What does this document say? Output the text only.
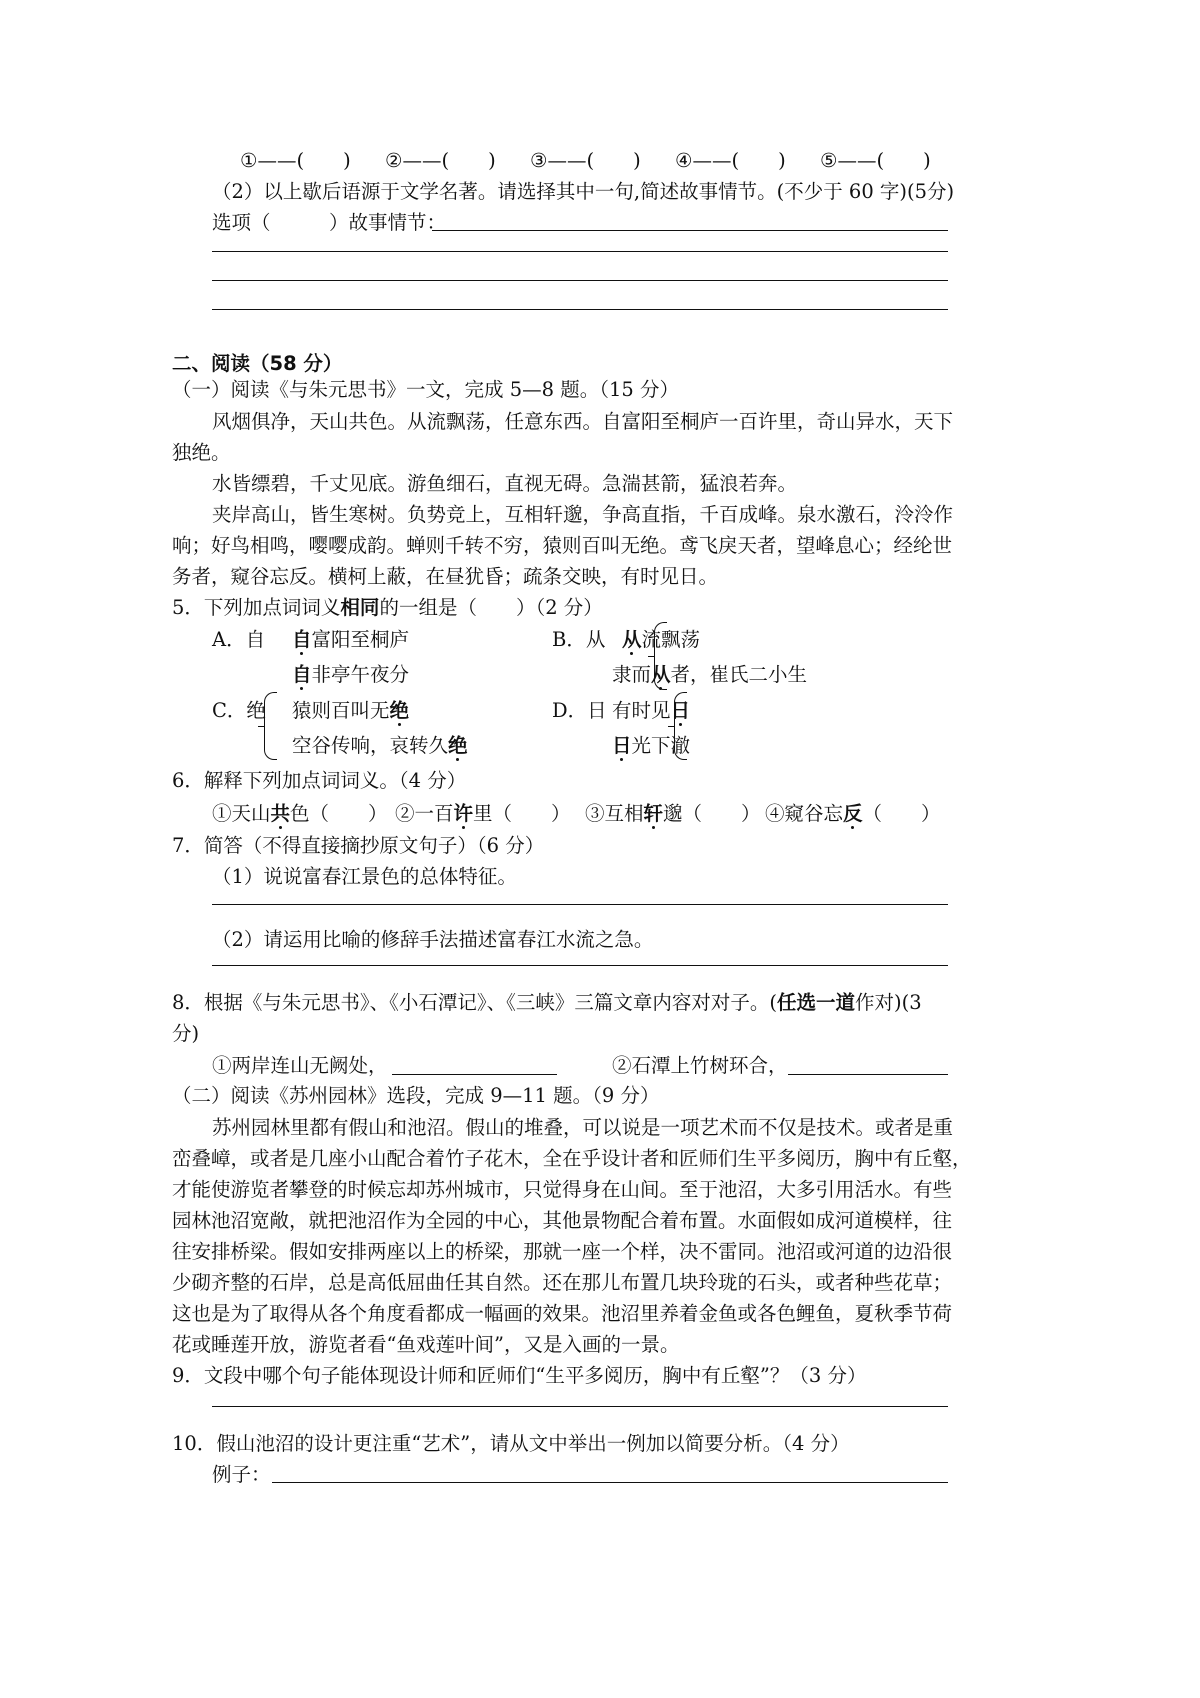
①——(　　) ②——(　　) ③——(　　) ④——(　　) ⑤——(　　)
（2）以上歇后语源于文学名著。请选择其中一句,简述故事情节。(不少于 60 字)(5分)
选项（　　　）故事情节：
二、阅读（58 分）
（一）阅读《与朱元思书》一文，完成 5—8 题。（15 分）
风烟俱净，天山共色。从流飘荡，任意东西。自富阳至桐庐一百许里，奇山异水，天下
独绝。
水皆缥碧，千丈见底。游鱼细石，直视无碍。急湍甚箭，猛浪若奔。
夹岸高山，皆生寒树。负势竞上，互相轩邈，争高直指，千百成峰。泉水激石，泠泠作
响；好鸟相鸣，嘤嘤成韵。蝉则千转不穷，猿则百叫无绝。鸢飞戾天者，望峰息心；经纶世
务者，窥谷忘反。横柯上蔽，在昼犹昏；疏条交映，有时见日。
5．下列加点词词义相同的一组是（　　）（2 分）
A．自 自富阳至桐庐
自非亭午夜分
B．从 从流飘荡
隶而从者，崔氏二小生
C．绝 猿则百叫无绝
空谷传响，哀转久绝
D．日 有时见日
日光下澈
6．解释下列加点词词义。（4 分）
①天山共色（　　） ②一百许里（　　） ③互相轩邈（　　） ④窥谷忘反（　　）
7．简答（不得直接摘抄原文句子）（6 分）
（1）说说富春江景色的总体特征。
（2）请运用比喻的修辞手法描述富春江水流之急。
8．根据《与朱元思书》、《小石潭记》、《三峡》三篇文章内容对对子。(任选一道作对)(3
分)
①两岸连山无阙处，	②石潭上竹树环合，
（二）阅读《苏州园林》选段，完成 9—11 题。（9 分）
苏州园林里都有假山和池沼。假山的堆叠，可以说是一项艺术而不仅是技术。或者是重
峦叠嶂，或者是几座小山配合着竹子花木，全在乎设计者和匠师们生平多阅历，胸中有丘壑，
才能使游览者攀登的时候忘却苏州城市，只觉得身在山间。至于池沼，大多引用活水。有些
园林池沼宽敞，就把池沼作为全园的中心，其他景物配合着布置。水面假如成河道模样，往
往安排桥梁。假如安排两座以上的桥梁，那就一座一个样，决不雷同。池沼或河道的边沿很
少砌齐整的石岸，总是高低屈曲任其自然。还在那儿布置几块玲珑的石头，或者种些花草；
这也是为了取得从各个角度看都成一幅画的效果。池沼里养着金鱼或各色鲤鱼，夏秋季节荷
花或睡莲开放，游览者看“鱼戏莲叶间”，又是入画的一景。
9．文段中哪个句子能体现设计师和匠师们“生平多阅历，胸中有丘壑”？（3 分）
10．假山池沼的设计更注重“艺术”，请从文中举出一例加以简要分析。（4 分）
例子：
